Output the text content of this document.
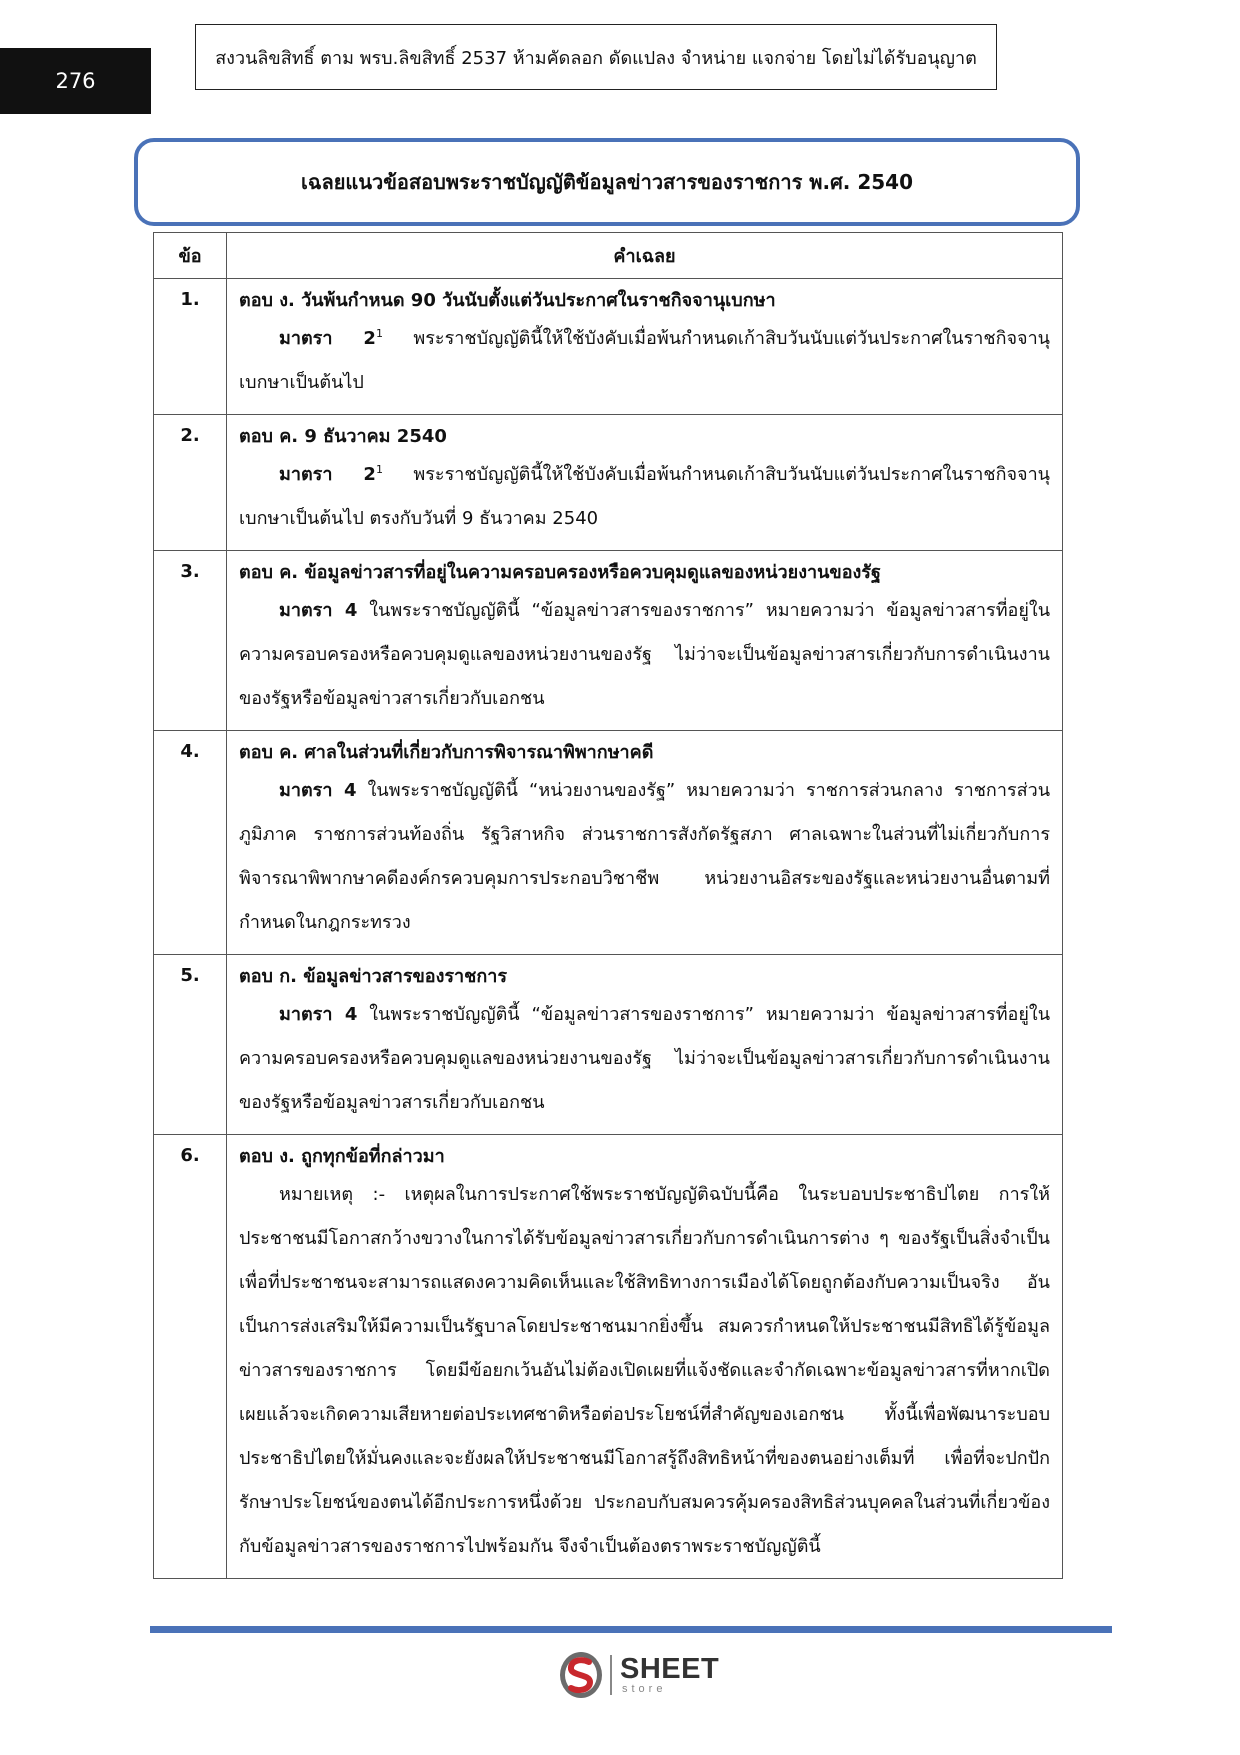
276
สงวนลิขสิทธิ์ ตาม พรบ.ลิขสิทธิ์ 2537 ห้ามคัดลอก ดัดแปลง จำหน่าย แจกจ่าย โดยไม่ได้รับอนุญาต
เฉลยแนวข้อสอบพระราชบัญญัติข้อมูลข่าวสารของราชการ พ.ศ. 2540
ข้อ	คำเฉลย
1.	ตอบ ง. วันพ้นกำหนด 90 วันนับตั้งแต่วันประกาศในราชกิจจานุเบกษา
มาตรา $2^1$ พระราชบัญญัตินี้ให้ใช้บังคับเมื่อพ้นกำหนดเก้าสิบวันนับแต่วันประกาศในราชกิจจานุเบกษาเป็นต้นไป

2.	ตอบ ค. 9 ธันวาคม 2540
มาตรา $2^1$ พระราชบัญญัตินี้ให้ใช้บังคับเมื่อพ้นกำหนดเก้าสิบวันนับแต่วันประกาศในราชกิจจานุเบกษาเป็นต้นไป ตรงกับวันที่ 9 ธันวาคม 2540

3.	ตอบ ค. ข้อมูลข่าวสารที่อยู่ในความครอบครองหรือควบคุมดูแลของหน่วยงานของรัฐ
มาตรา 4 ในพระราชบัญญัตินี้ “ข้อมูลข่าวสารของราชการ” หมายความว่า ข้อมูลข่าวสารที่อยู่ในความครอบครองหรือควบคุมดูแลของหน่วยงานของรัฐ ไม่ว่าจะเป็นข้อมูลข่าวสารเกี่ยวกับการดำเนินงานของรัฐหรือข้อมูลข่าวสารเกี่ยวกับเอกชน

4.	ตอบ ค. ศาลในส่วนที่เกี่ยวกับการพิจารณาพิพากษาคดี
มาตรา 4 ในพระราชบัญญัตินี้ “หน่วยงานของรัฐ” หมายความว่า ราชการส่วนกลาง ราชการส่วนภูมิภาค ราชการส่วนท้องถิ่น รัฐวิสาหกิจ ส่วนราชการสังกัดรัฐสภา ศาลเฉพาะในส่วนที่ไม่เกี่ยวกับการพิจารณาพิพากษาคดีองค์กรควบคุมการประกอบวิชาชีพ หน่วยงานอิสระของรัฐและหน่วยงานอื่นตามที่กำหนดในกฎกระทรวง

5.	ตอบ ก. ข้อมูลข่าวสารของราชการ
มาตรา 4 ในพระราชบัญญัตินี้ “ข้อมูลข่าวสารของราชการ” หมายความว่า ข้อมูลข่าวสารที่อยู่ในความครอบครองหรือควบคุมดูแลของหน่วยงานของรัฐ ไม่ว่าจะเป็นข้อมูลข่าวสารเกี่ยวกับการดำเนินงานของรัฐหรือข้อมูลข่าวสารเกี่ยวกับเอกชน

6.	ตอบ ง. ถูกทุกข้อที่กล่าวมา
หมายเหตุ :- เหตุผลในการประกาศใช้พระราชบัญญัติฉบับนี้คือ ในระบอบประชาธิปไตย การให้ประชาชนมีโอกาสกว้างขวางในการได้รับข้อมูลข่าวสารเกี่ยวกับการดำเนินการต่าง ๆ ของรัฐเป็นสิ่งจำเป็น เพื่อที่ประชาชนจะสามารถแสดงความคิดเห็นและใช้สิทธิทางการเมืองได้โดยถูกต้องกับความเป็นจริง อันเป็นการส่งเสริมให้มีความเป็นรัฐบาลโดยประชาชนมากยิ่งขึ้น สมควรกำหนดให้ประชาชนมีสิทธิได้รู้ข้อมูลข่าวสารของราชการ โดยมีข้อยกเว้นอันไม่ต้องเปิดเผยที่แจ้งชัดและจำกัดเฉพาะข้อมูลข่าวสารที่หากเปิดเผยแล้วจะเกิดความเสียหายต่อประเทศชาติหรือต่อประโยชน์ที่สำคัญของเอกชน ทั้งนี้เพื่อพัฒนาระบอบประชาธิปไตยให้มั่นคงและจะยังผลให้ประชาชนมีโอกาสรู้ถึงสิทธิหน้าที่ของตนอย่างเต็มที่ เพื่อที่จะปกปักรักษาประโยชน์ของตนได้อีกประการหนึ่งด้วย ประกอบกับสมควรคุ้มครองสิทธิส่วนบุคคลในส่วนที่เกี่ยวข้องกับข้อมูลข่าวสารของราชการไปพร้อมกัน จึงจำเป็นต้องตราพระราชบัญญัตินี้
SHEET
store
